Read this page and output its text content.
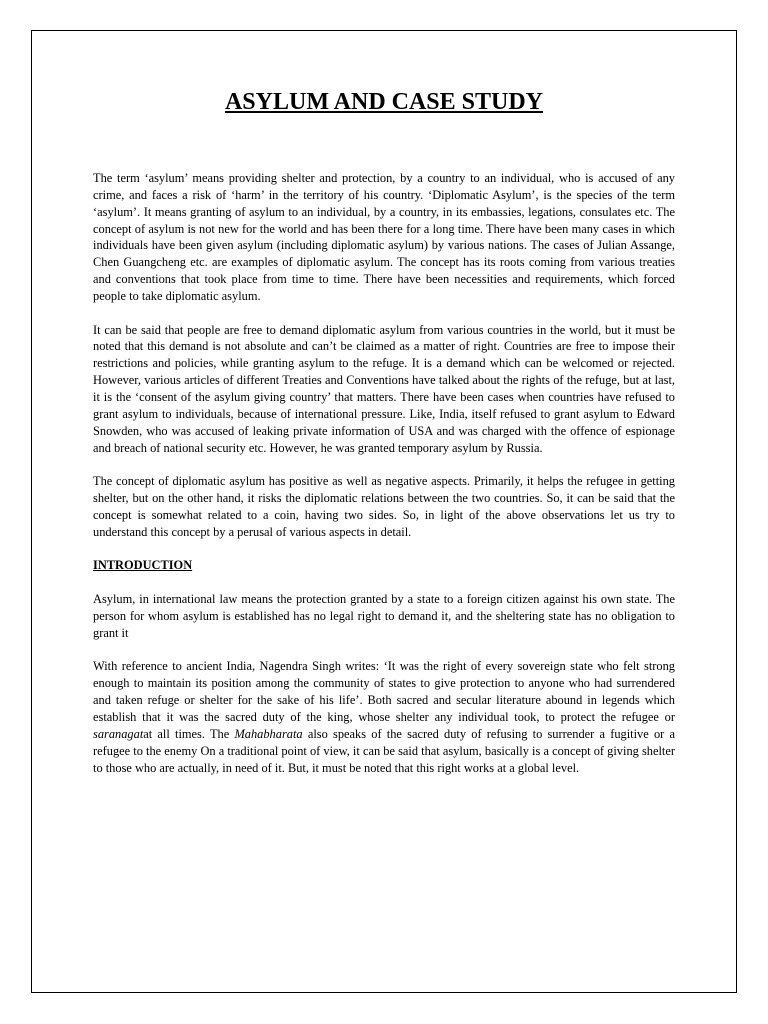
ASYLUM AND CASE STUDY

The term ‘asylum’ means providing shelter and protection, by a country to an individual, who is accused of any crime, and faces a risk of ‘harm’ in the territory of his country. ‘Diplomatic Asylum’, is the species of the term ‘asylum’. It means granting of asylum to an individual, by a country, in its embassies, legations, consulates etc. The concept of asylum is not new for the world and has been there for a long time. There have been many cases in which individuals have been given asylum (including diplomatic asylum) by various nations. The cases of Julian Assange, Chen Guangcheng etc. are examples of diplomatic asylum. The concept has its roots coming from various treaties and conventions that took place from time to time. There have been necessities and requirements, which forced people to take diplomatic asylum.

It can be said that people are free to demand diplomatic asylum from various countries in the world, but it must be noted that this demand is not absolute and can’t be claimed as a matter of right. Countries are free to impose their restrictions and policies, while granting asylum to the refuge. It is a demand which can be welcomed or rejected. However, various articles of different Treaties and Conventions have talked about the rights of the refuge, but at last, it is the ‘consent of the asylum giving country’ that matters. There have been cases when countries have refused to grant asylum to individuals, because of international pressure. Like, India, itself refused to grant asylum to Edward Snowden, who was accused of leaking private information of USA and was charged with the offence of espionage and breach of national security etc. However, he was granted temporary asylum by Russia.

The concept of diplomatic asylum has positive as well as negative aspects. Primarily, it helps the refugee in getting shelter, but on the other hand, it risks the diplomatic relations between the two countries. So, it can be said that the concept is somewhat related to a coin, having two sides. So, in light of the above observations let us try to understand this concept by a perusal of various aspects in detail.

INTRODUCTION

Asylum, in international law means the protection granted by a state to a foreign citizen against his own state. The person for whom asylum is established has no legal right to demand it, and the sheltering state has no obligation to grant it

With reference to ancient India, Nagendra Singh writes: ‘It was the right of every sovereign state who felt strong enough to maintain its position among the community of states to give protection to anyone who had surrendered and taken refuge or shelter for the sake of his life’. Both sacred and secular literature abound in legends which establish that it was the sacred duty of the king, whose shelter any individual took, to protect the refugee or saranagatat all times. The Mahabharata also speaks of the sacred duty of refusing to surrender a fugitive or a refugee to the enemy On a traditional point of view, it can be said that asylum, basically is a concept of giving shelter to those who are actually, in need of it. But, it must be noted that this right works at a global level.
